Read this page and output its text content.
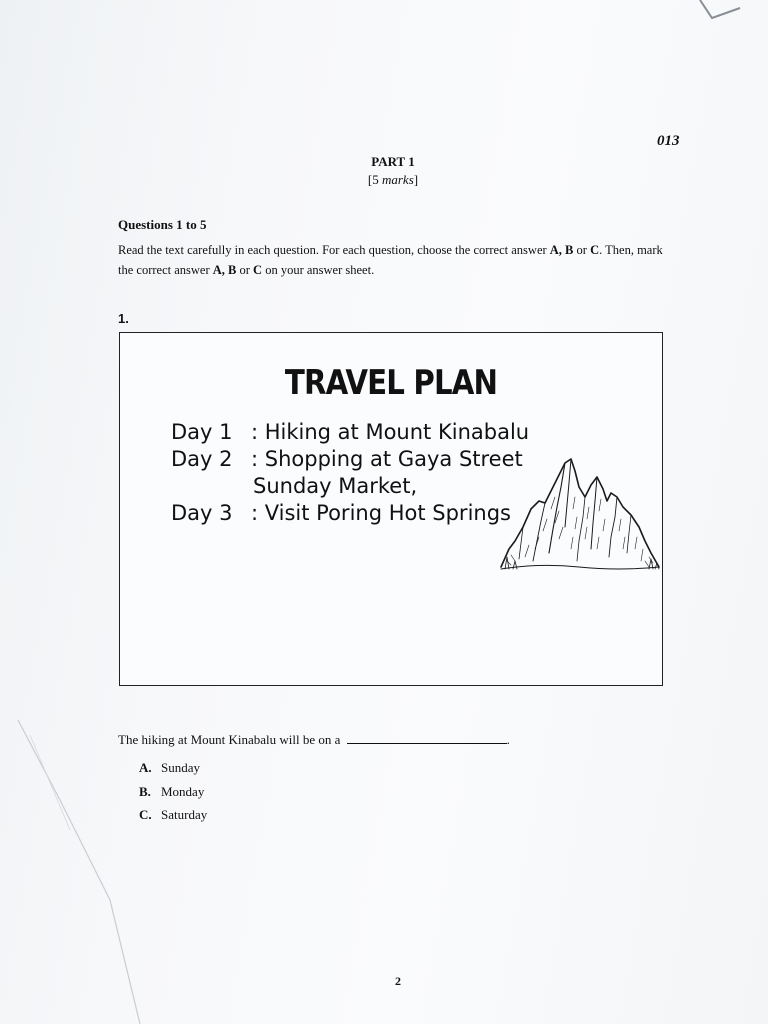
013
PART 1
[5 marks]
Questions 1 to 5
Read the text carefully in each question. For each question, choose the correct answer A, B or C. Then, mark the correct answer A, B or C on your answer sheet.
1.
TRAVEL PLAN
Day 1 : Hiking at Mount Kinabalu
Day 2 : Shopping at Gaya Street
Sunday Market,
Day 3 : Visit Poring Hot Springs
The hiking at Mount Kinabalu will be on a	.
A. Sunday
B. Monday
C. Saturday
2
